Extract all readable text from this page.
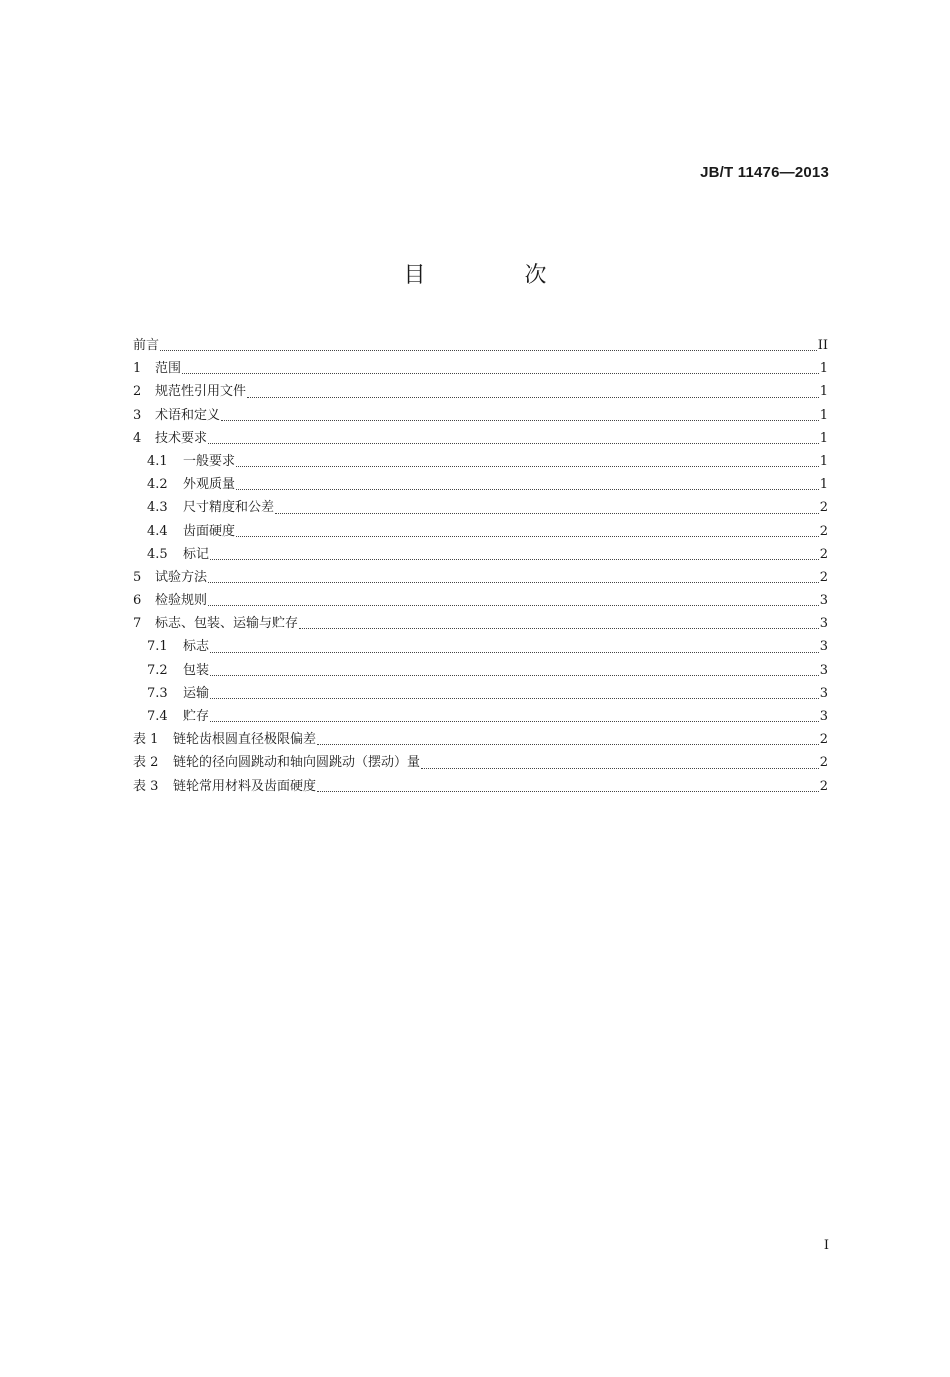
JB/T 11476—2013
目 次
前言	II
1	范围	1
2	规范性引用文件	1
3	术语和定义	1
4	技术要求	1
4.1	一般要求	1
4.2	外观质量	1
4.3	尺寸精度和公差	2
4.4	齿面硬度	2
4.5	标记	2
5	试验方法	2
6	检验规则	3
7	标志、包装、运输与贮存	3
7.1	标志	3
7.2	包装	3
7.3	运输	3
7.4	贮存	3
表 1	链轮齿根圆直径极限偏差	2
表 2	链轮的径向圆跳动和轴向圆跳动（摆动）量	2
表 3	链轮常用材料及齿面硬度	2
I
